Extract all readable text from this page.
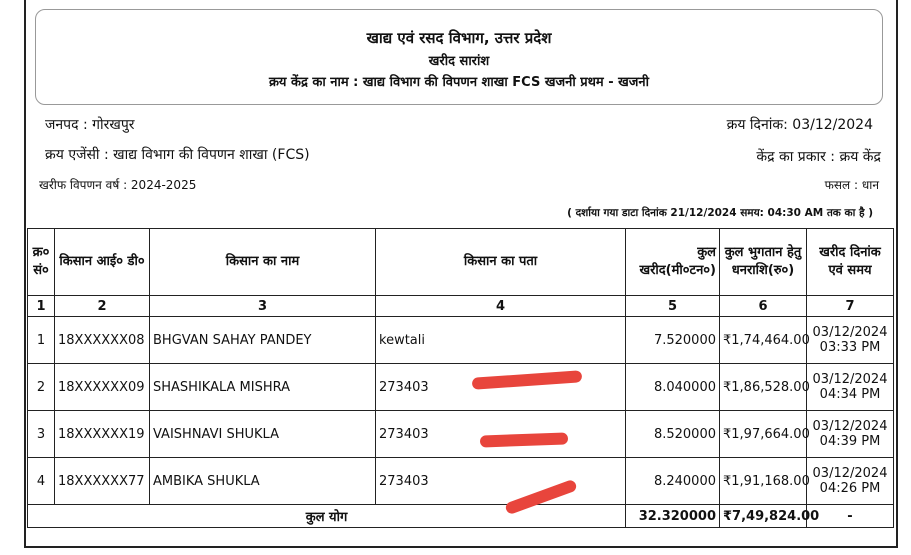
खाद्य एवं रसद विभाग, उत्तर प्रदेश
खरीद सारांश
क्रय केंद्र का नाम : खाद्य विभाग की विपणन शाखा FCS खजनी प्रथम - खजनी
जनपद : गोरखपुर	क्रय दिनांक: 03/12/2024
क्रय एजेंसी : खाद्य विभाग की विपणन शाखा (FCS)	केंद्र का प्रकार : क्रय केंद्र
खरीफ विपणन वर्ष : 2024-2025	फसल : धान
( दर्शाया गया डाटा दिनांक 21/12/2024 समय: 04:30 AM तक का है )
क्र० सं०	किसान आई० डी०	किसान का नाम	किसान का पता	कुल खरीद(मी०टन०)	कुल भुगतान हेतु धनराशि(रु०)	खरीद दिनांक एवं समय
1	2	3	4	5	6	7
1	18XXXXXX08	BHGVAN SAHAY PANDEY	kewtali	7.520000	₹1,74,464.00	03/12/2024
03:33 PM

2	18XXXXXX09	SHASHIKALA MISHRA	273403	8.040000	₹1,86,528.00	03/12/2024
04:34 PM

3	18XXXXXX19	VAISHNAVI SHUKLA	273403	8.520000	₹1,97,664.00	03/12/2024
04:39 PM

4	18XXXXXX77	AMBIKA SHUKLA	273403	8.240000	₹1,91,168.00	03/12/2024
04:26 PM

कुल योग				32.320000	₹7,49,824.00	-
